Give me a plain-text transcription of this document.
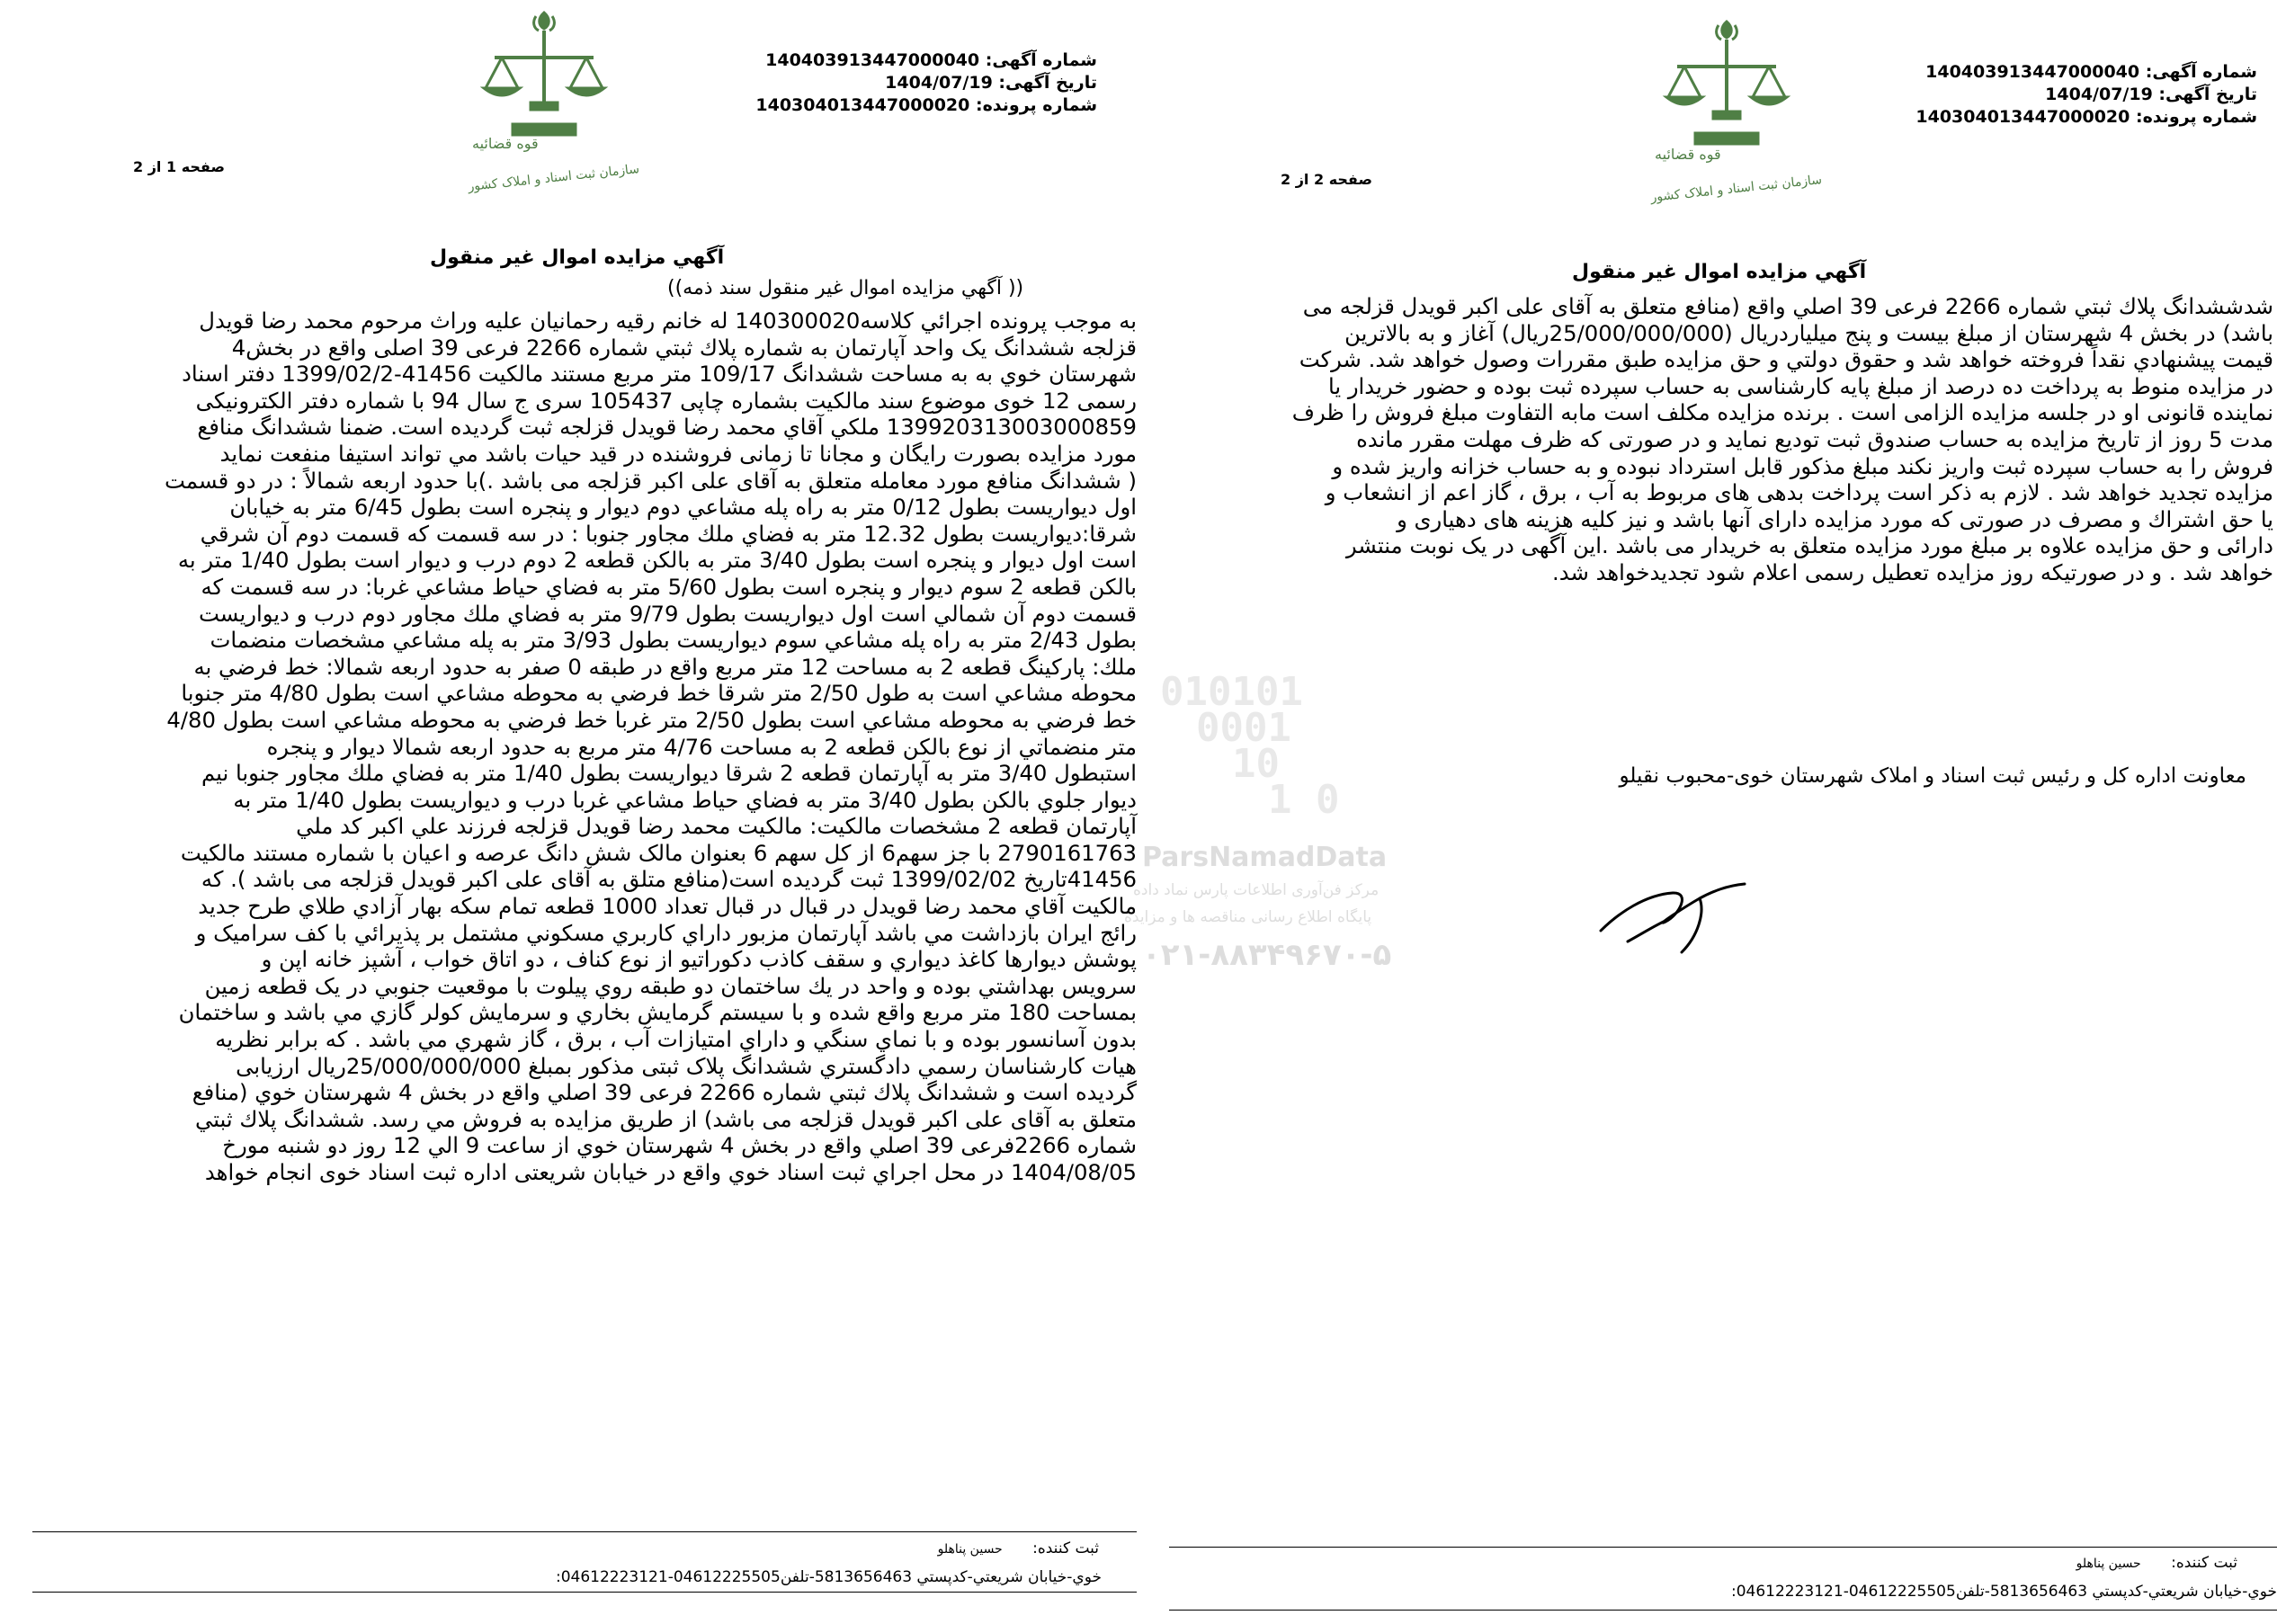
قوه قضائیه
سازمان ثبت اسناد و املاک کشور
شماره آگهی: 140403913447000040
تاریخ آگهی: 1404/07/19
شماره پرونده: 140304013447000020
صفحه 1 از 2
آگهي مزايده اموال غير منقول
(( آگهي مزايده اموال غير منقول سند ذمه))
به موجب پرونده اجرائي كلاسه140300020 له خانم رقيه رحمانيان عليه وراث مرحوم محمد رضا قويدل
قزلجه ششدانگ يک واحد آپارتمان به شماره پلاك ثبتي شماره 2266 فرعی 39 اصلی واقع در بخش4
شهرستان خوي به به مساحت ششدانگ 109/17 متر مربع مستند مالكيت 41456-1399/02/2 دفتر اسناد
رسمی 12 خوی موضوع سند مالکیت بشماره چاپی 105437 سری ج سال 94 با شماره دفتر الکترونیکی
139920313003000859 ملكي آقاي محمد رضا قويدل قزلجه ثبت گرديده است. ضمنا ششدانگ منافع
مورد مزايده بصورت رايگان و مجانا تا زمانی فروشنده در قيد حيات باشد مي تواند استيفا منفعت نمايد
( ششدانگ منافع مورد معامله متعلق به آقای علی اکبر قزلجه می باشد .)با حدود اربعه شمالاً : در دو قسمت
اول ديواريست بطول 0/12 متر به راه پله مشاعي دوم ديوار و پنجره است بطول 6/45 متر به خيابان
شرقا:ديواريست بطول 12.32 متر به فضاي ملك مجاور جنوبا : در سه قسمت كه قسمت دوم آن شرقي
است اول ديوار و پنجره است بطول 3/40 متر به بالكن قطعه 2 دوم درب و ديوار است بطول 1/40 متر به
بالكن قطعه 2 سوم ديوار و پنجره است بطول 5/60 متر به فضاي حياط مشاعي غربا: در سه قسمت كه
قسمت دوم آن شمالي است اول ديواريست بطول 9/79 متر به فضاي ملك مجاور دوم درب و ديواريست
بطول 2/43 متر به راه پله مشاعي سوم ديواريست بطول 3/93 متر به پله مشاعي مشخصات منضمات
ملك: پاركينگ قطعه 2 به مساحت 12 متر مربع واقع در طبقه 0 صفر به حدود اربعه شمالا: خط فرضي به
محوطه مشاعي است به طول 2/50 متر شرقا خط فرضي به محوطه مشاعي است بطول 4/80 متر جنوبا
خط فرضي به محوطه مشاعي است بطول 2/50 متر غربا خط فرضي به محوطه مشاعي است بطول 4/80
متر منضماتي از نوع بالكن قطعه 2 به مساحت 4/76 متر مربع به حدود اربعه شمالا ديوار و پنجره
استبطول 3/40 متر به آپارتمان قطعه 2 شرقا ديواريست بطول 1/40 متر به فضاي ملك مجاور جنوبا نيم
ديوار جلوي بالكن بطول 3/40 متر به فضاي حياط مشاعي غربا درب و ديواريست بطول 1/40 متر به
آپارتمان قطعه 2 مشخصات مالكيت: مالكيت محمد رضا قويدل قزلجه فرزند علي اكبر كد ملي
2790161763 با جز سهم6 از كل سهم 6 بعنوان مالک شش دانگ عرصه و اعیان با شماره مستند مالكيت
41456تاريخ 1399/02/02 ثبت گرديده است(منافع متلق به آقای علی اکبر قویدل قزلجه می باشد ). كه
مالكيت آقاي محمد رضا قويدل در قبال در قبال تعداد 1000 قطعه تمام سكه بهار آزادي طلاي طرح جديد
رائج ايران بازداشت مي باشد آپارتمان مزبور داراي كاربري مسكوني مشتمل بر پذيرائي با كف سراميک و
پوشش ديوارها كاغذ ديواري و سقف كاذب دكوراتيو از نوع كناف ، دو اتاق خواب ، آشپز خانه اپن و
سرويس بهداشتي بوده و واحد در يك ساختمان دو طبقه روي پيلوت با موقعيت جنوبي در يک قطعه زمين
بمساحت 180 متر مربع واقع شده و با سيستم گرمايش بخاري و سرمايش كولر گازي مي باشد و ساختمان
بدون آسانسور بوده و با نماي سنگي و داراي امتيازات آب ، برق ، گاز شهري مي باشد . كه برابر نظريه
هيات كارشناسان رسمي دادگستري ششدانگ پلاک ثبتی مذكور بمبلغ 25/000/000/000ريال ارزيابی
گرديده است و ششدانگ پلاك ثبتي شماره 2266 فرعی 39 اصلي واقع در بخش 4 شهرستان خوي (منافع
متعلق به آقای علی اکبر قویدل قزلجه می باشد) از طريق مزايده به فروش مي رسد. ششدانگ پلاك ثبتي
شماره 2266فرعی 39 اصلي واقع در بخش 4 شهرستان خوي از ساعت 9 الي 12 روز دو شنبه مورخ
1404/08/05 در محل اجراي ثبت اسناد خوي واقع در خيابان شريعتی اداره ثبت اسناد خوی انجام خواهد
ثبت كننده: حسين پناهلو
خوي-خيابان شريعتي-كدپستي 5813656463-تلفن04612225505-04612223121:
قوه قضائیه
سازمان ثبت اسناد و املاک کشور
شماره آگهی: 140403913447000040
تاریخ آگهی: 1404/07/19
شماره پرونده: 140304013447000020
صفحه 2 از 2
آگهي مزايده اموال غير منقول
شدششدانگ پلاك ثبتي شماره 2266 فرعی 39 اصلي واقع (منافع متعلق به آقای علی اکبر قویدل قزلجه می
باشد) در بخش 4 شهرستان از مبلغ بيست و پنج ميلياردريال (25/000/000/000ريال) آغاز و به بالاترين
قيمت پيشنهادي نقداً فروخته خواهد شد و حقوق دولتي و حق مزايده طبق مقررات وصول خواهد شد. شركت
در مزايده منوط به پرداخت ده درصد از مبلغ پايه كارشناسی به حساب سپرده ثبت بوده و حضور خريدار يا
نماينده قانونی او در جلسه مزايده الزامی است . برنده مزايده مكلف است مابه التفاوت مبلغ فروش را ظرف
مدت 5 روز از تاريخ مزايده به حساب صندوق ثبت توديع نمايد و در صورتی كه ظرف مهلت مقرر مانده
فروش را به حساب سپرده ثبت واريز نكند مبلغ مذكور قابل استرداد نبوده و به حساب خزانه واريز شده و
مزايده تجديد خواهد شد . لازم به ذكر است پرداخت بدهی های مربوط به آب ، برق ، گاز اعم از انشعاب و
يا حق اشتراك و مصرف در صورتی كه مورد مزايده دارای آنها باشد و نيز كليه هزينه های دهياری و
دارائی و حق مزايده علاوه بر مبلغ مورد مزايده متعلق به خريدار می باشد .اين آگهی در يک نوبت منتشر
خواهد شد . و در صورتيكه روز مزايده تعطيل رسمی اعلام شود تجديدخواهد شد.
معاونت اداره كل و رئيس ثبت اسناد و املاک شهرستان خوی-محبوب نقيلو
ثبت كننده: حسين پناهلو
خوي-خيابان شريعتي-كدپستي 5813656463-تلفن04612225505-04612223121:
010101
0001
10
1 0
ParsNamadData
مرکز فن‌آوری اطلاعات پارس نماد داده
پایگاه اطلاع رسانی مناقصه ها و مزایده
۰۲۱-۸۸۳۴۹۶۷۰-۵
